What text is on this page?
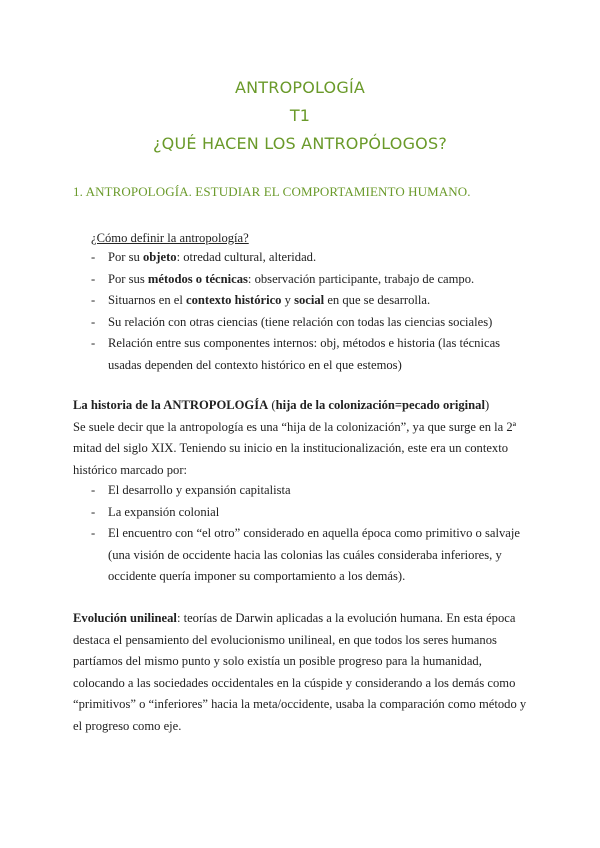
ANTROPOLOGÍA
T1
¿QUÉ HACEN LOS ANTROPÓLOGOS?
1. ANTROPOLOGÍA. ESTUDIAR EL COMPORTAMIENTO HUMANO.
¿Cómo definir la antropología?
- Por su objeto: otredad cultural, alteridad.
- Por sus métodos o técnicas: observación participante, trabajo de campo.
- Situarnos en el contexto histórico y social en que se desarrolla.
- Su relación con otras ciencias (tiene relación con todas las ciencias sociales)
- Relación entre sus componentes internos: obj, métodos e historia (las técnicas usadas dependen del contexto histórico en el que estemos)
La historia de la ANTROPOLOGÍA (hija de la colonización=pecado original)
Se suele decir que la antropología es una “hija de la colonización”, ya que surge en la 2ª mitad del siglo XIX. Teniendo su inicio en la institucionalización, este era un contexto histórico marcado por:
- El desarrollo y expansión capitalista
- La expansión colonial
- El encuentro con “el otro” considerado en aquella época como primitivo o salvaje (una visión de occidente hacia las colonias las cuáles consideraba inferiores, y occidente quería imponer su comportamiento a los demás).
Evolución unilineal: teorías de Darwin aplicadas a la evolución humana. En esta época destaca el pensamiento del evolucionismo unilineal, en que todos los seres humanos partíamos del mismo punto y solo existía un posible progreso para la humanidad, colocando a las sociedades occidentales en la cúspide y considerando a los demás como “primitivos” o “inferiores” hacia la meta/occidente, usaba la comparación como método y el progreso como eje.
